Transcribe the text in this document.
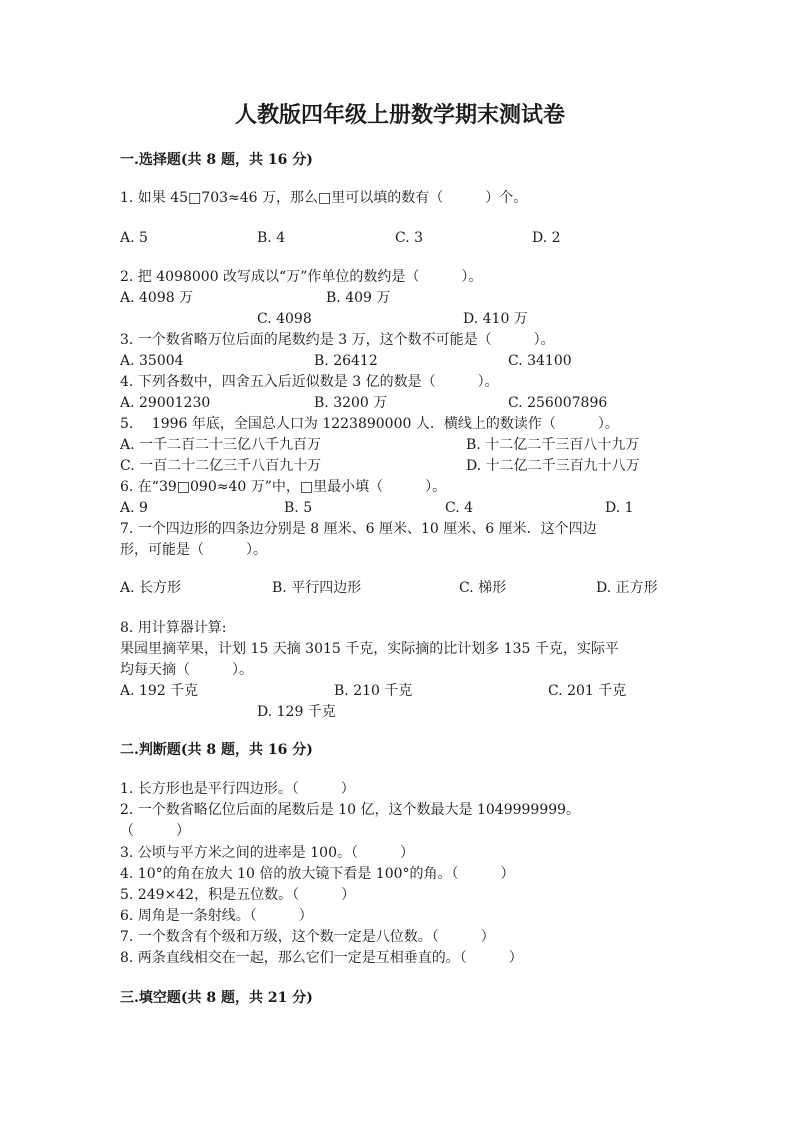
人教版四年级上册数学期末测试卷
一.选择题(共 8 题，共 16 分)
1. 如果 45□703≈46 万，那么□里可以填的数有（　　　）个。
A. 5	B. 4	C. 3	D. 2
2. 把 4098000 改写成以“万”作单位的数约是（　　　）。
A. 4098 万	B. 409 万
C. 4098	D. 410 万
3. 一个数省略万位后面的尾数约是 3 万，这个数不可能是（　　　）。
A. 35004	B. 26412	C. 34100
4. 下列各数中，四舍五入后近似数是 3 亿的数是（　　　）。
A. 29001230	B. 3200 万	C. 256007896
5.　 1996 年底，全国总人口为 1223890000 人．横线上的数读作（　　　）。
A. 一千二百二十三亿八千九百万	B. 十二亿二千三百八十九万
C. 一百二十二亿三千八百九十万	D. 十二亿二千三百九十八万
6. 在“39□090≈40 万”中，□里最小填（　　　）。
A. 9	B. 5	C. 4	D. 1
7. 一个四边形的四条边分别是 8 厘米、6 厘米、10 厘米、6 厘米．这个四边
形，可能是（　　　）。
A. 长方形	B. 平行四边形	C. 梯形	D. 正方形
8. 用计算器计算:
果园里摘苹果，计划 15 天摘 3015 千克，实际摘的比计划多 135 千克，实际平
均每天摘（　　　）。
A. 192 千克	B. 210 千克	C. 201 千克
D. 129 千克
二.判断题(共 8 题，共 16 分)
1. 长方形也是平行四边形。（　　　）
2. 一个数省略亿位后面的尾数后是 10 亿，这个数最大是 1049999999。
（　　　）
3. 公顷与平方米之间的进率是 100。（　　　）
4. 10°的角在放大 10 倍的放大镜下看是 100°的角。（　　　）
5. 249×42，积是五位数。（　　　）
6. 周角是一条射线。（　　　）
7. 一个数含有个级和万级，这个数一定是八位数。（　　　）
8. 两条直线相交在一起，那么它们一定是互相垂直的。（　　　）
三.填空题(共 8 题，共 21 分)
